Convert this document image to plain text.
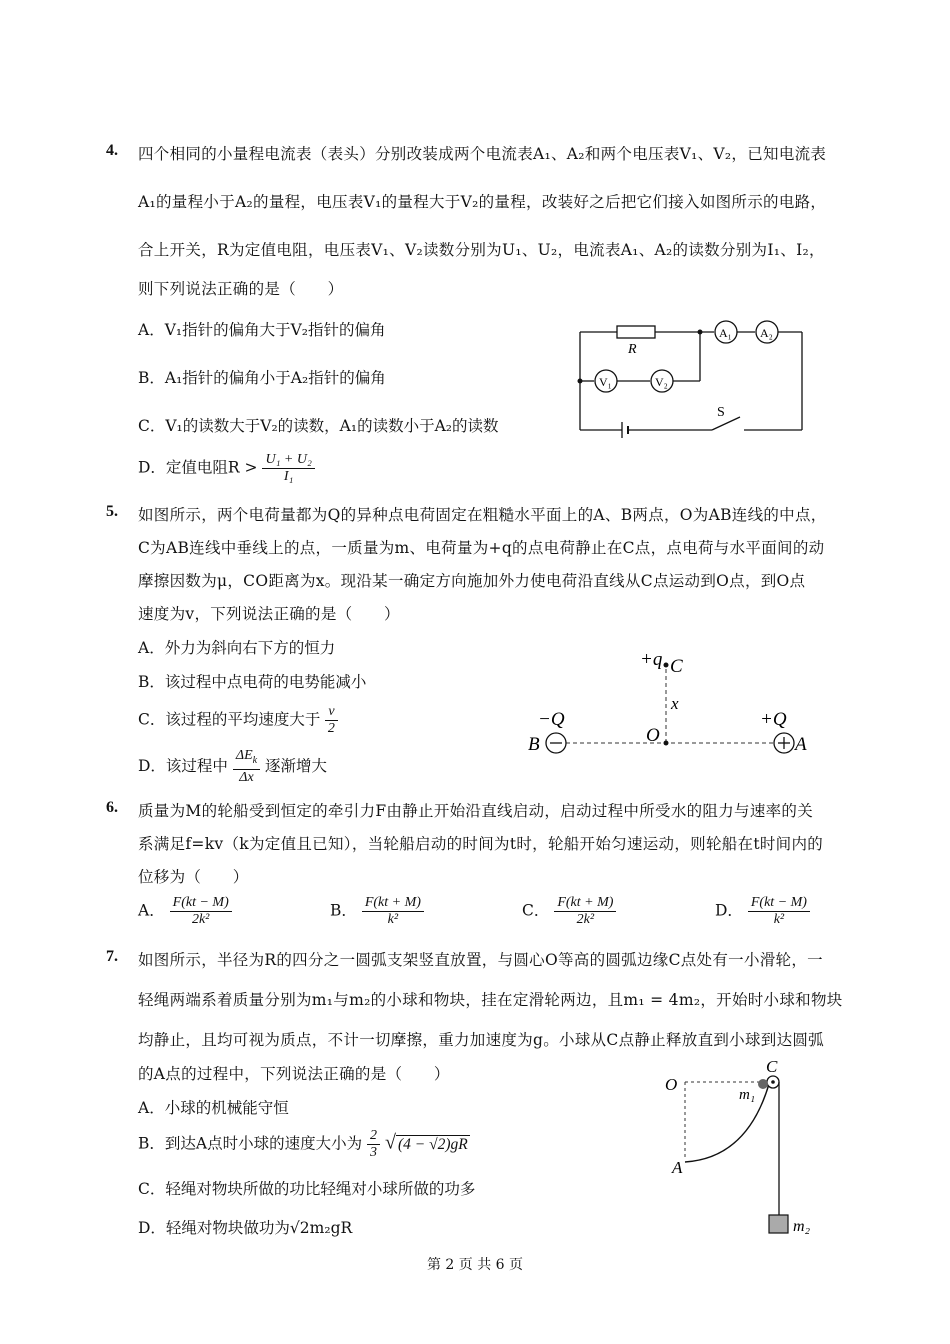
4. 四个相同的小量程电流表（表头）分别改装成两个电流表A₁、A₂和两个电压表V₁、V₂，已知电流表
A₁的量程小于A₂的量程，电压表V₁的量程大于V₂的量程，改装好之后把它们接入如图所示的电路，
合上开关，R为定值电阻，电压表V₁、V₂读数分别为U₁、U₂，电流表A₁、A₂的读数分别为I₁、I₂，
则下列说法正确的是（　　）
A．V₁指针的偏角大于V₂指针的偏角
B．A₁指针的偏角小于A₂指针的偏角
C．V₁的读数大于V₂的读数，A₁的读数小于A₂的读数
D．定值电阻$R > \frac{\text{U₁ + U₂}}{\text{I₁}}$
R
A₁ A₂
V₁	V₂
S
5. 如图所示，两个电荷量都为Q的异种点电荷固定在粗糙水平面上的A、B两点，O为AB连线的中点，
C为AB连线中垂线上的点，一质量为m、电荷量为+q的点电荷静止在C点，点电荷与水平面间的动
摩擦因数为μ，CO距离为x。现沿某一确定方向施加外力使电荷沿直线从C点运动到O点，到O点
速度为v，下列说法正确的是（　　）
A．外力为斜向右下方的恒力
B．该过程中点电荷的电势能减小
C．该过程的平均速度大于 $\frac{v}{2}$
D．该过程中 $\frac{\Delta E_k}{\Delta x}$ 逐渐增大
+q C
x
−Q	+Q
B	O	A
6. 质量为M的轮船受到恒定的牵引力F由静止开始沿直线启动，启动过程中所受水的阻力与速率的关
系满足f=kv（k为定值且已知），当轮船启动的时间为t时，轮船开始匀速运动，则轮船在t时间内的
位移为（　　）
A． $\frac{F(kt - M)}{\text{2k²}}$	B． $\frac{F(kt + M)}{\text{k²}}$	C． $\frac{F(kt + M)}{\text{2k²}}$	D． $\frac{F(kt - M)}{\text{k²}}$
7. 如图所示，半径为R的四分之一圆弧支架竖直放置，与圆心O等高的圆弧边缘C点处有一小滑轮，一
轻绳两端系着质量分别为m₁与m₂的小球和物块，挂在定滑轮两边，且m₁ = 4m₂，开始时小球和物块
均静止，且均可视为质点，不计一切摩擦，重力加速度为g。小球从C点静止释放直到小球到达圆弧
的A点的过程中，下列说法正确的是（　　）
A．小球的机械能守恒
B．到达A点时小球的速度大小为 $\frac{2}{3}$ √ (4 − √2)gR
C．轻绳对物块所做的功比轻绳对小球所做的功多
D．轻绳对物块做功为√2m₂gR
C
O
m₁
A
m₂
第 2 页 共 6 页
